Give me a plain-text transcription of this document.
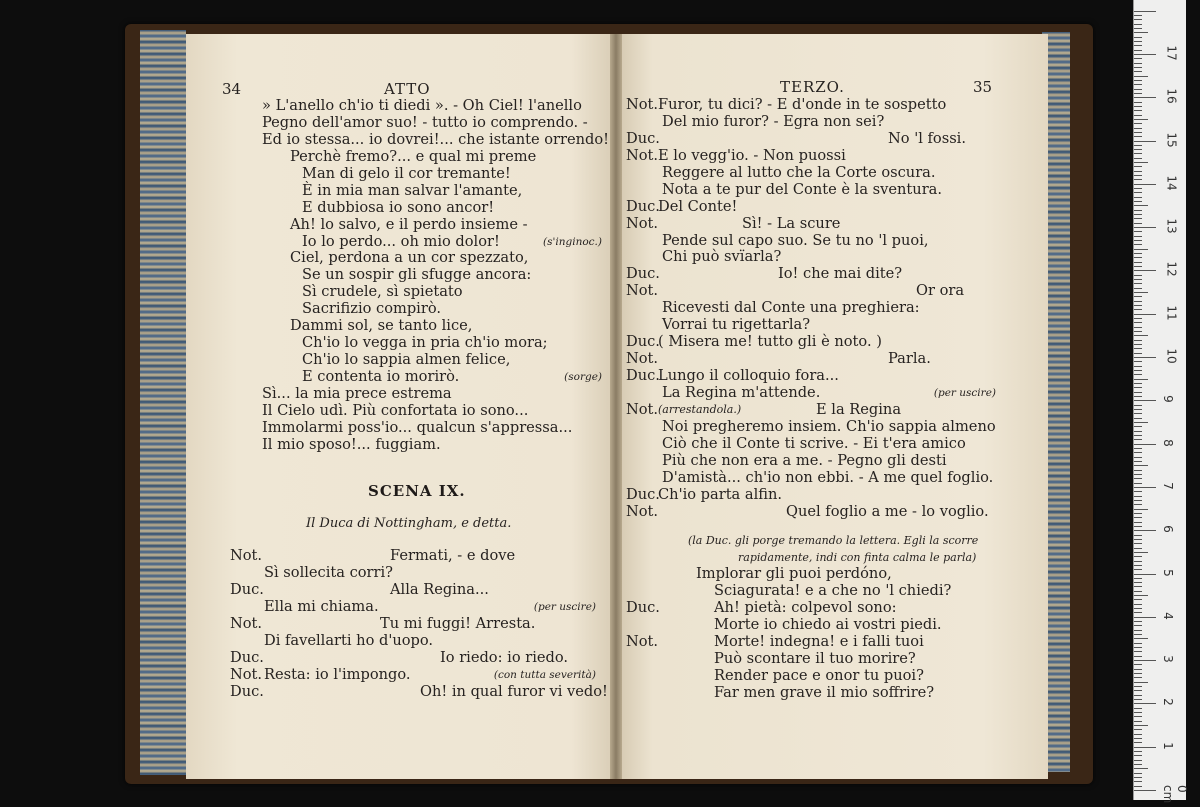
34	ATTO	TERZO.	35
» L'anello ch'io ti diedi ». - Oh Ciel! l'anello
Pegno dell'amor suo! - tutto io comprendo. -
Ed io stessa... io dovrei!... che istante orrendo!
Perchè fremo?... e qual mi preme
Man di gelo il cor tremante!
È in mia man salvar l'amante,
E dubbiosa io sono ancor!
Ah! lo salvo, e il perdo insieme -
Io lo perdo... oh mio dolor!	(s'inginoc.)
Ciel, perdona a un cor spezzato,
Se un sospir gli sfugge ancora:
Sì crudele, sì spietato
Sacrifizio compirò.
Dammi sol, se tanto lice,
Ch'io lo vegga in pria ch'io mora;
Ch'io lo sappia almen felice,
E contenta io morirò.	(sorge)
Sì... la mia prece estrema
Il Cielo udì. Più confortata io sono...
Immolarmi poss'io... qualcun s'appressa...
Il mio sposo!... fuggiam.
SCENA IX.
Il Duca di Nottingham, e detta.
Not.	Fermati, - e dove
Sì sollecita corri?
Duc.	Alla Regina...
Ella mi chiama.	(per uscire)
Not.	Tu mi fuggi! Arresta.
Di favellarti ho d'uopo.
Duc.	Io riedo: io riedo.
Not. Resta: io l'impongo.	(con tutta severità)
Duc.	Oh! in qual furor vi vedo!
Not. Furor, tu dici? - E d'onde in te sospetto
Del mio furor? - Egra non sei?
Duc.	No 'l fossi.
Not. E lo vegg'io. - Non puossi
Reggere al lutto che la Corte oscura.
Nota a te pur del Conte è la sventura.
Duc.
Del Conte!
Not.	Sì! - La scure
Pende sul capo suo. Se tu no 'l puoi,
Chi può svïarla?
Duc.	Io! che mai dite?
Not.	Or ora
Ricevesti dal Conte una preghiera:
Vorrai tu rigettarla?
Duc.
( Misera me! tutto gli è noto. )
Not.	Parla.
Duc.
Lungo il colloquio fora...
La Regina m'attende.	(per uscire)
Not. (arrestandola.)	E la Regina
Noi pregheremo insiem. Ch'io sappia almeno
Ciò che il Conte ti scrive. - Ei t'era amico
Più che non era a me. - Pegno gli desti
D'amistà... ch'io non ebbi. - A me quel foglio.
Duc.
Ch'io parta alfin.
Not.	Quel foglio a me - lo voglio.
(la Duc. gli porge tremando la lettera. Egli la scorre
rapidamente, indi con finta calma le parla)
Implorar gli puoi perdóno,
Sciagurata! e a che no 'l chiedi?
Duc.	Ah! pietà: colpevol sono:
Morte io chiedo ai vostri piedi.
Not.	Morte! indegna! e i falli tuoi
Può scontare il tuo morire?
Render pace e onor tu puoi?
Far men grave il mio soffrire?
17
16
15
14
13
12
11
10
9
8
7
6
5
4
3
2
1
0 cm
